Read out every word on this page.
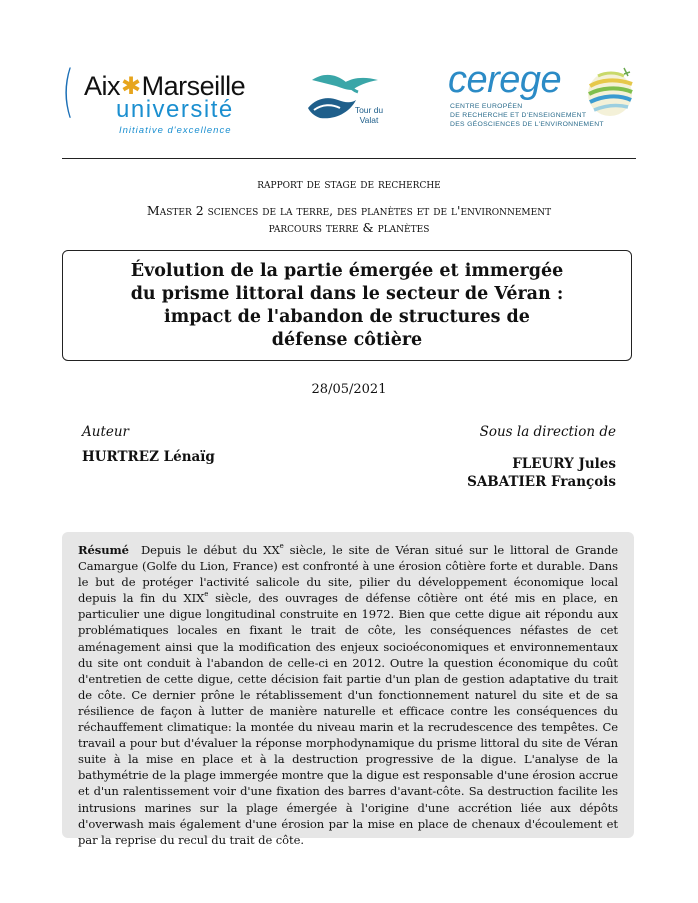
( Aix✱Marseille
université
Initiative d'excellence
Tour du Valat
cerege
CENTRE EUROPÉEN
DE RECHERCHE ET D'ENSEIGNEMENT
DES GÉOSCIENCES DE L'ENVIRONNEMENT
rapport de stage de recherche
Master 2 sciences de la terre, des planètes et de l'environnement
parcours terre & planètes
Évolution de la partie émergée et immergée
du prisme littoral dans le secteur de Véran :
impact de l'abandon de structures de
défense côtière
28/05/2021
Auteur
HURTREZ Lénaïg
Sous la direction de
FLEURY Jules
SABATIER François

Résumé Depuis le début du XXe siècle, le site de Véran situé sur le littoral de Grande Camargue (Golfe du Lion, France) est confronté à une érosion côtière forte et durable. Dans le but de protéger l'activité salicole du site, pilier du développement économique local depuis la fin du XIXe siècle, des ouvrages de défense côtière ont été mis en place, en particulier une digue longitudinal construite en 1972. Bien que cette digue ait répondu aux problématiques locales en fixant le trait de côte, les conséquences néfastes de cet aménagement ainsi que la modification des enjeux socioéconomiques et environnementaux du site ont conduit à l'abandon de celle-ci en 2012. Outre la question économique du coût d'entretien de cette digue, cette décision fait partie d'un plan de gestion adaptative du trait de côte. Ce dernier prône le rétablissement d'un fonctionnement naturel du site et de sa résilience de façon à lutter de manière naturelle et efficace contre les conséquences du réchauffement climatique: la montée du niveau marin et la recrudescence des tempêtes. Ce travail a pour but d'évaluer la réponse morphodynamique du prisme littoral du site de Véran suite à la mise en place et à la destruction progressive de la digue. L'analyse de la bathymétrie de la plage immergée montre que la digue est responsable d'une érosion accrue et d'un ralentissement voir d'une fixation des barres d'avant-côte. Sa destruction facilite les intrusions marines sur la plage émergée à l'origine d'une accrétion liée aux dépôts d'overwash mais également d'une érosion par la mise en place de chenaux d'écoulement et par la reprise du recul du trait de côte.
